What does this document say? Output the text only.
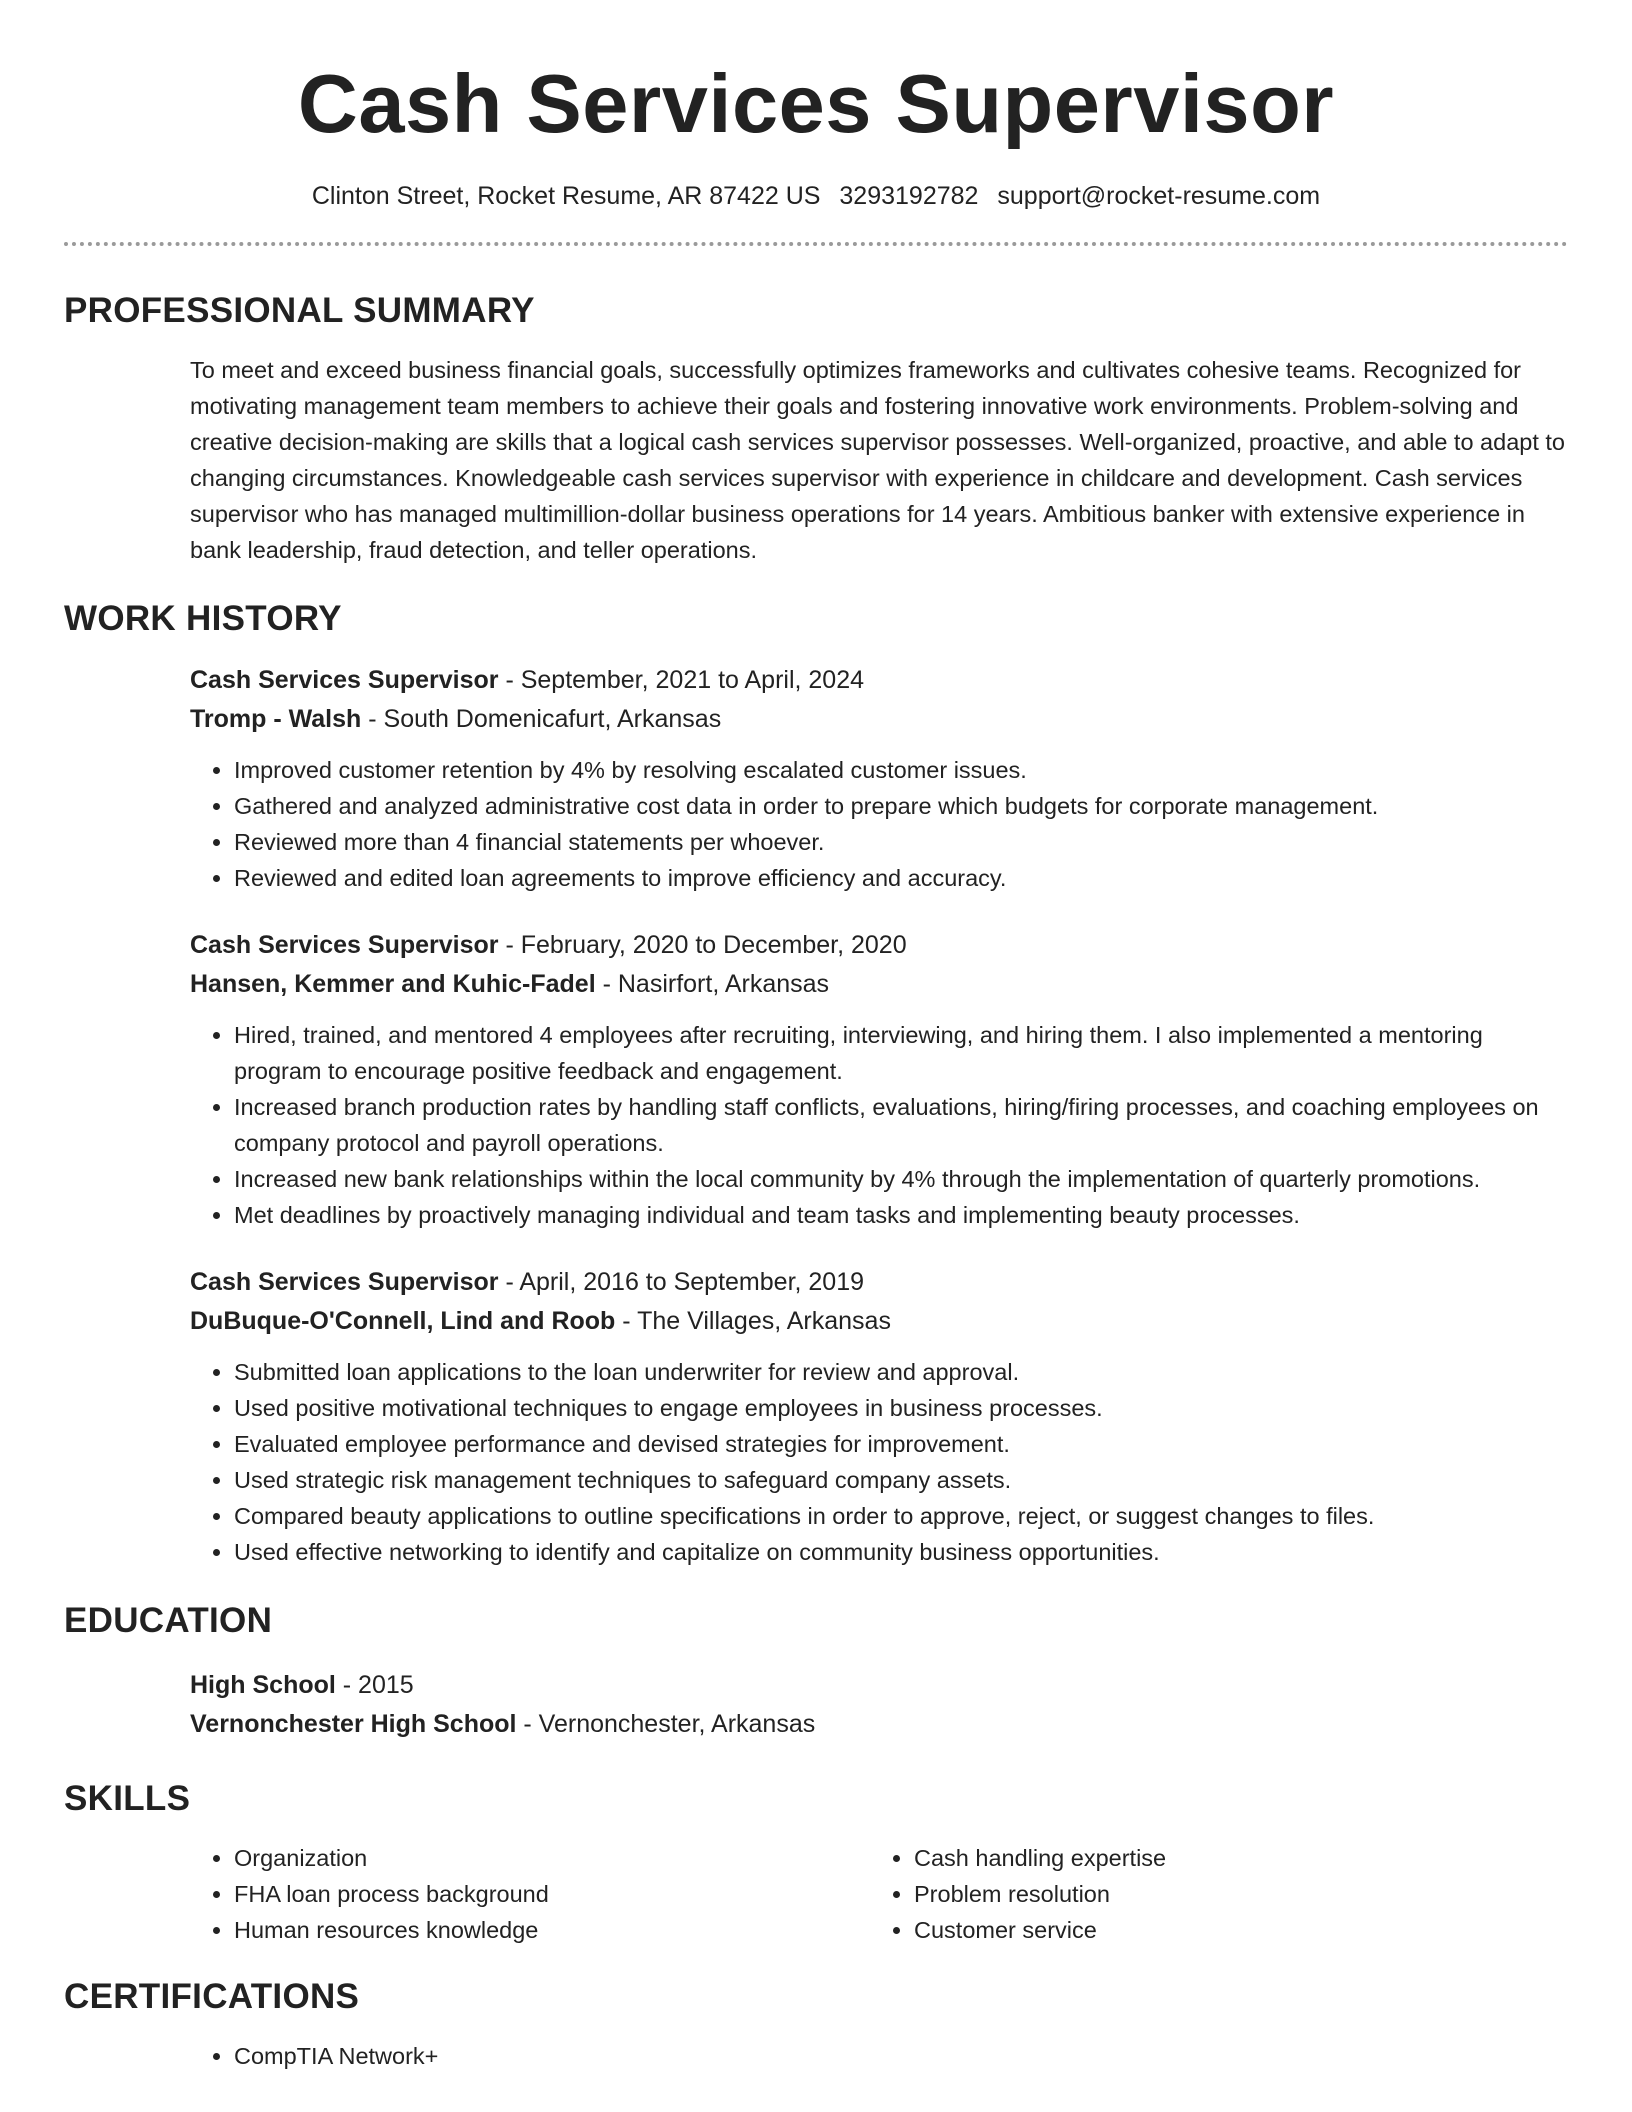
Cash Services Supervisor
Clinton Street, Rocket Resume, AR 87422 US 3293192782 support@rocket-resume.com
PROFESSIONAL SUMMARY

To meet and exceed business financial goals, successfully optimizes frameworks and cultivates cohesive teams. Recognized for motivating management team members to achieve their goals and fostering innovative work environments. Problem-solving and creative decision-making are skills that a logical cash services supervisor possesses. Well-organized, proactive, and able to adapt to changing circumstances. Knowledgeable cash services supervisor with experience in childcare and development. Cash services supervisor who has managed multimillion-dollar business operations for 14 years. Ambitious banker with extensive experience in bank leadership, fraud detection, and teller operations.

WORK HISTORY
Cash Services Supervisor - September, 2021 to April, 2024
Tromp - Walsh - South Domenicafurt, Arkansas
• Improved customer retention by 4% by resolving escalated customer issues.
• Gathered and analyzed administrative cost data in order to prepare which budgets for corporate management.
• Reviewed more than 4 financial statements per whoever.
• Reviewed and edited loan agreements to improve efficiency and accuracy.
Cash Services Supervisor - February, 2020 to December, 2020
Hansen, Kemmer and Kuhic-Fadel - Nasirfort, Arkansas
• Hired, trained, and mentored 4 employees after recruiting, interviewing, and hiring them. I also implemented a mentoring program to encourage positive feedback and engagement.
• Increased branch production rates by handling staff conflicts, evaluations, hiring/firing processes, and coaching employees on company protocol and payroll operations.
• Increased new bank relationships within the local community by 4% through the implementation of quarterly promotions.
• Met deadlines by proactively managing individual and team tasks and implementing beauty processes.
Cash Services Supervisor - April, 2016 to September, 2019
DuBuque-O'Connell, Lind and Roob - The Villages, Arkansas
• Submitted loan applications to the loan underwriter for review and approval.
• Used positive motivational techniques to engage employees in business processes.
• Evaluated employee performance and devised strategies for improvement.
• Used strategic risk management techniques to safeguard company assets.
• Compared beauty applications to outline specifications in order to approve, reject, or suggest changes to files.
• Used effective networking to identify and capitalize on community business opportunities.
EDUCATION
High School - 2015
Vernonchester High School - Vernonchester, Arkansas
SKILLS
• Organization
• FHA loan process background
• Human resources knowledge
• Cash handling expertise
• Problem resolution
• Customer service
CERTIFICATIONS
• CompTIA Network+
